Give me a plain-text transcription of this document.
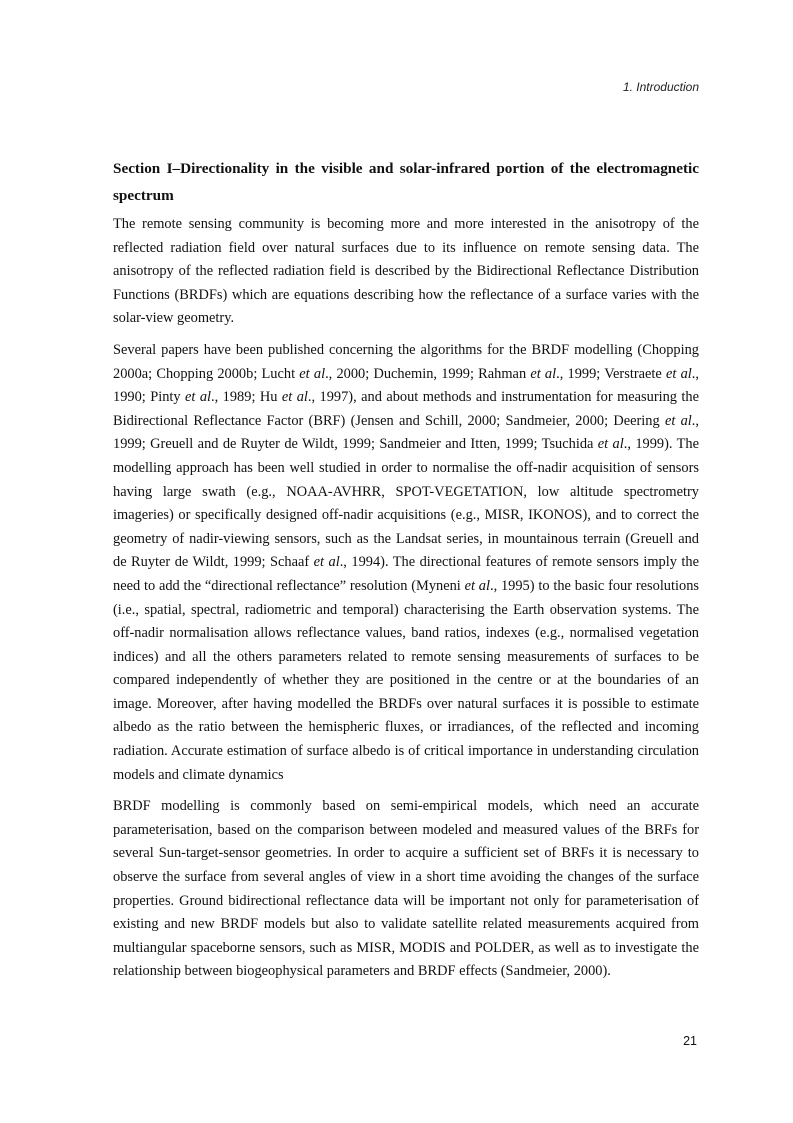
1. Introduction

Section I–Directionality in the visible and solar-infrared portion of the electromagnetic spectrum

The remote sensing community is becoming more and more interested in the anisotropy of the reflected radiation field over natural surfaces due to its influence on remote sensing data. The anisotropy of the reflected radiation field is described by the Bidirectional Reflectance Distribution Functions (BRDFs) which are equations describing how the reflectance of a surface varies with the solar-view geometry.

Several papers have been published concerning the algorithms for the BRDF modelling (Chopping 2000a; Chopping 2000b; Lucht et al., 2000; Duchemin, 1999; Rahman et al., 1999; Verstraete et al., 1990; Pinty et al., 1989; Hu et al., 1997), and about methods and instrumentation for measuring the Bidirectional Reflectance Factor (BRF) (Jensen and Schill, 2000; Sandmeier, 2000; Deering et al., 1999; Greuell and de Ruyter de Wildt, 1999; Sandmeier and Itten, 1999; Tsuchida et al., 1999). The modelling approach has been well studied in order to normalise the off-nadir acquisition of sensors having large swath (e.g., NOAA-AVHRR, SPOT-VEGETATION, low altitude spectrometry imageries) or specifically designed off-nadir acquisitions (e.g., MISR, IKONOS), and to correct the geometry of nadir-viewing sensors, such as the Landsat series, in mountainous terrain (Greuell and de Ruyter de Wildt, 1999; Schaaf et al., 1994). The directional features of remote sensors imply the need to add the “directional reflectance” resolution (Myneni et al., 1995) to the basic four resolutions (i.e., spatial, spectral, radiometric and temporal) characterising the Earth observation systems. The off-nadir normalisation allows reflectance values, band ratios, indexes (e.g., normalised vegetation indices) and all the others parameters related to remote sensing measurements of surfaces to be compared independently of whether they are positioned in the centre or at the boundaries of an image. Moreover, after having modelled the BRDFs over natural surfaces it is possible to estimate albedo as the ratio between the hemispheric fluxes, or irradiances, of the reflected and incoming radiation. Accurate estimation of surface albedo is of critical importance in understanding circulation models and climate dynamics

BRDF modelling is commonly based on semi-empirical models, which need an accurate parameterisation, based on the comparison between modeled and measured values of the BRFs for several Sun-target-sensor geometries. In order to acquire a sufficient set of BRFs it is necessary to observe the surface from several angles of view in a short time avoiding the changes of the surface properties. Ground bidirectional reflectance data will be important not only for parameterisation of existing and new BRDF models but also to validate satellite related measurements acquired from multiangular spaceborne sensors, such as MISR, MODIS and POLDER, as well as to investigate the relationship between biogeophysical parameters and BRDF effects (Sandmeier, 2000).

21
